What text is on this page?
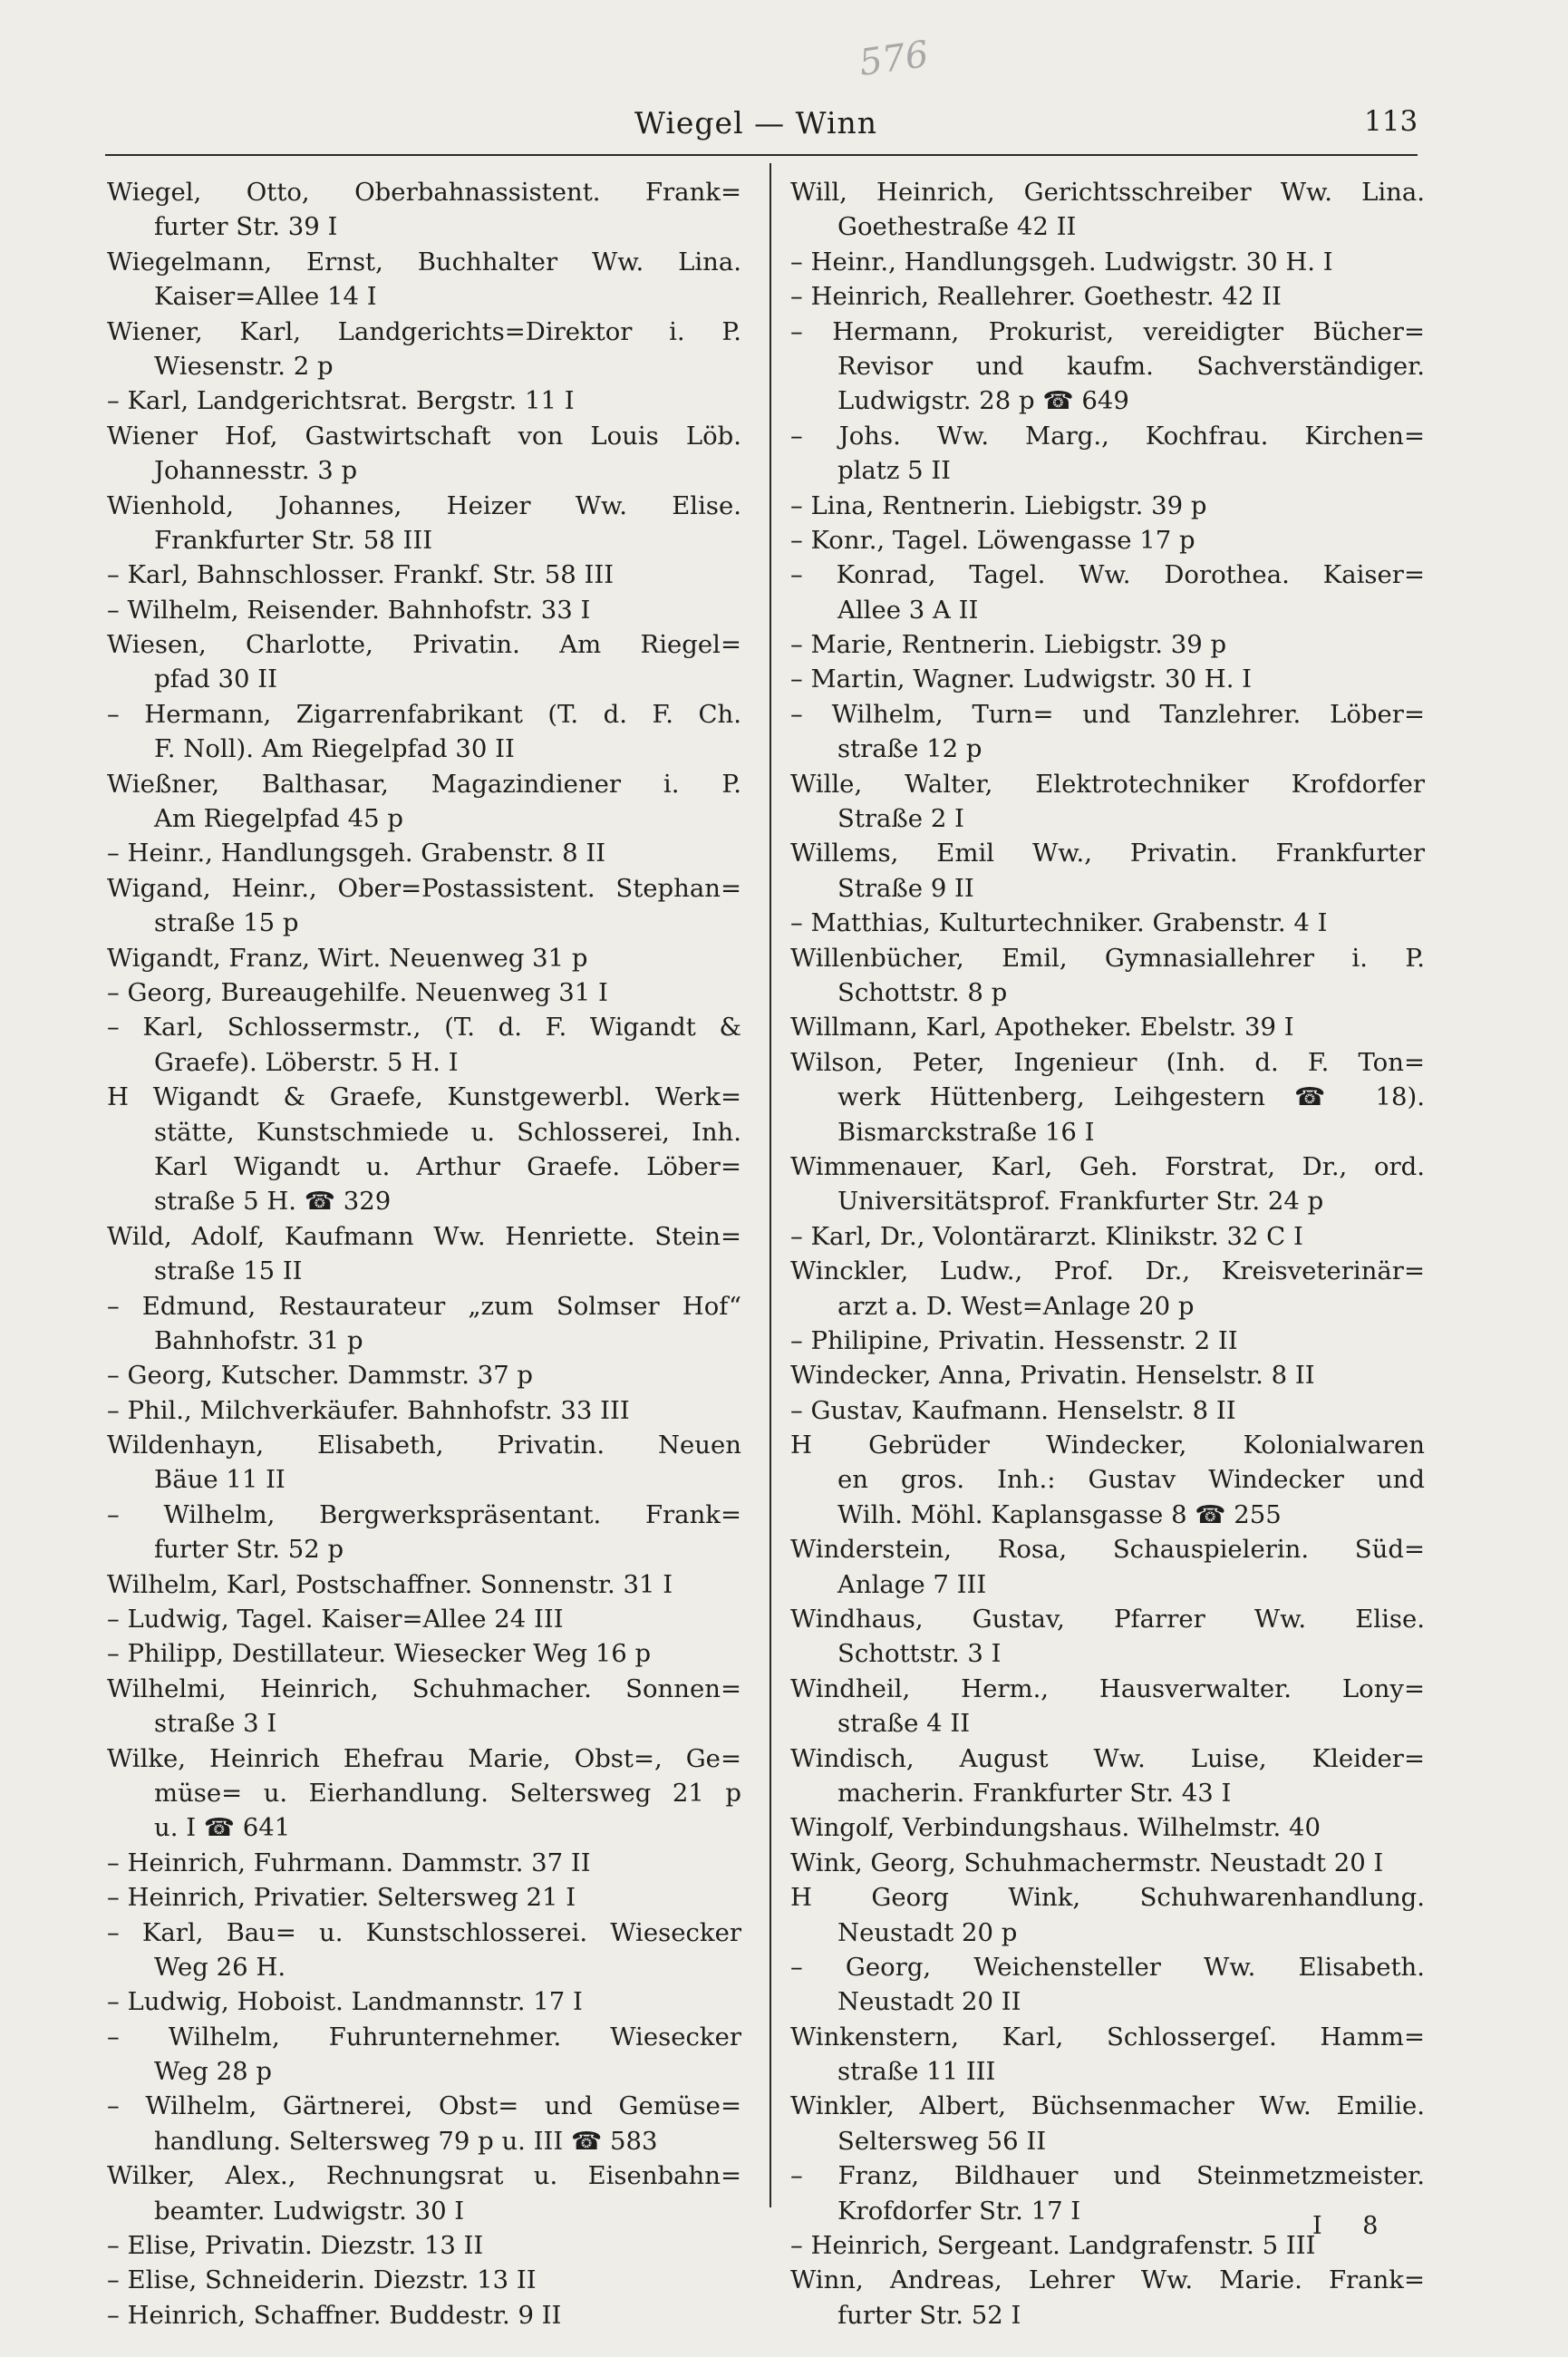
576
Wiegel — Winn	113
Wiegel, Otto, Oberbahnassistent. Frank=
furter Str. 39 I
Wiegelmann, Ernst, Buchhalter Ww. Lina.
Kaiser=Allee 14 I
Wiener, Karl, Landgerichts=Direktor i. P.
Wiesenstr. 2 p
– Karl, Landgerichtsrat. Bergstr. 11 I
Wiener Hof, Gastwirtschaft von Louis Löb.
Johannesstr. 3 p
Wienhold, Johannes, Heizer Ww. Elise.
Frankfurter Str. 58 III
– Karl, Bahnschlosser. Frankf. Str. 58 III
– Wilhelm, Reisender. Bahnhofstr. 33 I
Wiesen, Charlotte, Privatin. Am Riegel=
pfad 30 II
– Hermann, Zigarrenfabrikant (T. d. F. Ch.
F. Noll). Am Riegelpfad 30 II
Wießner, Balthasar, Magazindiener i. P.
Am Riegelpfad 45 p
– Heinr., Handlungsgeh. Grabenstr. 8 II
Wigand, Heinr., Ober=Postassistent. Stephan=
straße 15 p
Wigandt, Franz, Wirt. Neuenweg 31 p
– Georg, Bureaugehilfe. Neuenweg 31 I
– Karl, Schlossermstr., (T. d. F. Wigandt &
Graefe). Löberstr. 5 H. I
H Wigandt & Graefe, Kunstgewerbl. Werk=
stätte, Kunstschmiede u. Schlosserei, Inh.
Karl Wigandt u. Arthur Graefe. Löber=
straße 5 H. ☎ 329
Wild, Adolf, Kaufmann Ww. Henriette. Stein=
straße 15 II
– Edmund, Restaurateur „zum Solmser Hof“
Bahnhofstr. 31 p
– Georg, Kutscher. Dammstr. 37 p
– Phil., Milchverkäufer. Bahnhofstr. 33 III
Wildenhayn, Elisabeth, Privatin. Neuen
Bäue 11 II
– Wilhelm, Bergwerkspräsentant. Frank=
furter Str. 52 p
Wilhelm, Karl, Postschaffner. Sonnenstr. 31 I
– Ludwig, Tagel. Kaiser=Allee 24 III
– Philipp, Destillateur. Wiesecker Weg 16 p
Wilhelmi, Heinrich, Schuhmacher. Sonnen=
straße 3 I
Wilke, Heinrich Ehefrau Marie, Obst=, Ge=
müse= u. Eierhandlung. Seltersweg 21 p
u. I ☎ 641
– Heinrich, Fuhrmann. Dammstr. 37 II
– Heinrich, Privatier. Seltersweg 21 I
– Karl, Bau= u. Kunstschlosserei. Wiesecker
Weg 26 H.
– Ludwig, Hoboist. Landmannstr. 17 I
– Wilhelm, Fuhrunternehmer. Wiesecker
Weg 28 p
– Wilhelm, Gärtnerei, Obst= und Gemüse=
handlung. Seltersweg 79 p u. III ☎ 583
Wilker, Alex., Rechnungsrat u. Eisenbahn=
beamter. Ludwigstr. 30 I
– Elise, Privatin. Diezstr. 13 II
– Elise, Schneiderin. Diezstr. 13 II
– Heinrich, Schaffner. Buddestr. 9 II
Will, Heinrich, Gerichtsschreiber Ww. Lina.
Goethestraße 42 II
– Heinr., Handlungsgeh. Ludwigstr. 30 H. I
– Heinrich, Reallehrer. Goethestr. 42 II
– Hermann, Prokurist, vereidigter Bücher=
Revisor und kaufm. Sachverständiger.
Ludwigstr. 28 p ☎ 649
– Johs. Ww. Marg., Kochfrau. Kirchen=
platz 5 II
– Lina, Rentnerin. Liebigstr. 39 p
– Konr., Tagel. Löwengasse 17 p
– Konrad, Tagel. Ww. Dorothea. Kaiser=
Allee 3 A II
– Marie, Rentnerin. Liebigstr. 39 p
– Martin, Wagner. Ludwigstr. 30 H. I
– Wilhelm, Turn= und Tanzlehrer. Löber=
straße 12 p
Wille, Walter, Elektrotechniker Krofdorfer
Straße 2 I
Willems, Emil Ww., Privatin. Frankfurter
Straße 9 II
– Matthias, Kulturtechniker. Grabenstr. 4 I
Willenbücher, Emil, Gymnasiallehrer i. P.
Schottstr. 8 p
Willmann, Karl, Apotheker. Ebelstr. 39 I
Wilson, Peter, Ingenieur (Inh. d. F. Ton=
werk Hüttenberg, Leihgestern ☎ 18).
Bismarckstraße 16 I
Wimmenauer, Karl, Geh. Forstrat, Dr., ord.
Universitätsprof. Frankfurter Str. 24 p
– Karl, Dr., Volontärarzt. Klinikstr. 32 C I
Winckler, Ludw., Prof. Dr., Kreisveterinär=
arzt a. D. West=Anlage 20 p
– Philipine, Privatin. Hessenstr. 2 II
Windecker, Anna, Privatin. Henselstr. 8 II
– Gustav, Kaufmann. Henselstr. 8 II
H Gebrüder Windecker, Kolonialwaren
en gros. Inh.: Gustav Windecker und
Wilh. Möhl. Kaplansgasse 8 ☎ 255
Winderstein, Rosa, Schauspielerin. Süd=
Anlage 7 III
Windhaus, Gustav, Pfarrer Ww. Elise.
Schottstr. 3 I
Windheil, Herm., Hausverwalter. Lony=
straße 4 II
Windisch, August Ww. Luise, Kleider=
macherin. Frankfurter Str. 43 I
Wingolf, Verbindungshaus. Wilhelmstr. 40
Wink, Georg, Schuhmachermstr. Neustadt 20 I
H Georg Wink, Schuhwarenhandlung.
Neustadt 20 p
– Georg, Weichensteller Ww. Elisabeth.
Neustadt 20 II
Winkenstern, Karl, Schlossergeſ. Hamm=
straße 11 III
Winkler, Albert, Büchsenmacher Ww. Emilie.
Seltersweg 56 II
– Franz, Bildhauer und Steinmetzmeister.
Krofdorfer Str. 17 I
– Heinrich, Sergeant. Landgrafenstr. 5 III
Winn, Andreas, Lehrer Ww. Marie. Frank=
furter Str. 52 I
I 8
